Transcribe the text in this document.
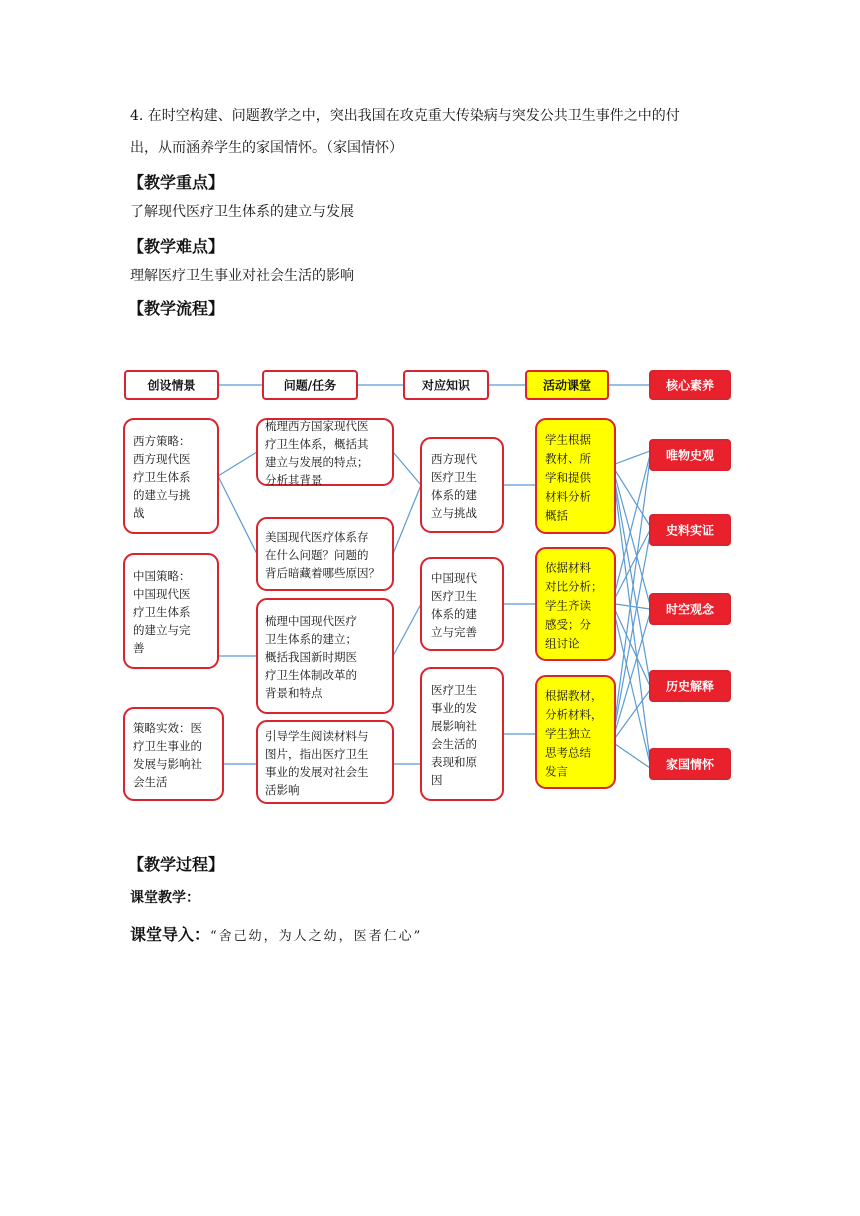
4. 在时空构建、问题教学之中，突出我国在攻克重大传染病与突发公共卫生事件之中的付
出，从而涵养学生的家国情怀。（家国情怀）
【教学重点】
了解现代医疗卫生体系的建立与发展
【教学难点】
理解医疗卫生事业对社会生活的影响
【教学流程】
创设情景	问题/任务	对应知识	活动课堂	核心素养
西方策略：
西方现代医
疗卫生体系
的建立与挑
战
中国策略：
中国现代医
疗卫生体系
的建立与完
善
策略实效：医
疗卫生事业的
发展与影响社
会生活
梳理西方国家现代医
疗卫生体系，概括其
建立与发展的特点；
分析其背景
美国现代医疗体系存
在什么问题？问题的
背后暗藏着哪些原因？
梳理中国现代医疗
卫生体系的建立；
概括我国新时期医
疗卫生体制改革的
背景和特点
引导学生阅读材料与
图片，指出医疗卫生
事业的发展对社会生
活影响
西方现代
医疗卫生
体系的建
立与挑战
中国现代
医疗卫生
体系的建
立与完善
医疗卫生
事业的发
展影响社
会生活的
表现和原
因
学生根据
教材、所
学和提供
材料分析
概括
依据材料
对比分析；
学生齐读
感受；分
组讨论
根据教材，
分析材料，
学生独立
思考总结
发言
唯物史观
史料实证
时空观念
历史解释
家国情怀
【教学过程】
课堂教学：
课堂导入：“舍己幼，为人之幼，医者仁心”
